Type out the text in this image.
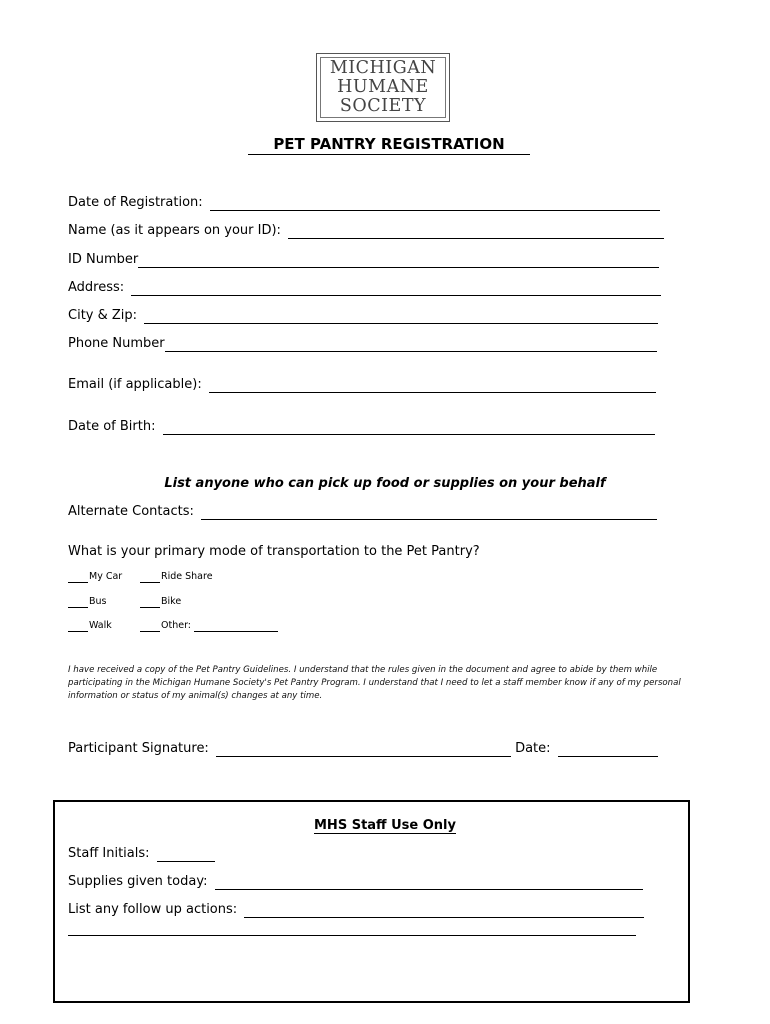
MICHIGAN
HUMANE
SOCIETY
PET PANTRY REGISTRATION
Date of Registration:
Name (as it appears on your ID):
ID Number
Address:
City & Zip:
Phone Number
Email (if applicable):
Date of Birth:
List anyone who can pick up food or supplies on your behalf
Alternate Contacts:
What is your primary mode of transportation to the Pet Pantry?
My Car	Ride Share
Bus	Bike
Walk	Other:
I have received a copy of the Pet Pantry Guidelines. I understand that the rules given in the document and agree to abide by them while participating in the Michigan Humane Society's Pet Pantry Program. I understand that I need to let a staff member know if any of my personal information or status of my animal(s) changes at any time.
Participant Signature:	Date:
MHS Staff Use Only
Staff Initials:
Supplies given today:
List any follow up actions:
